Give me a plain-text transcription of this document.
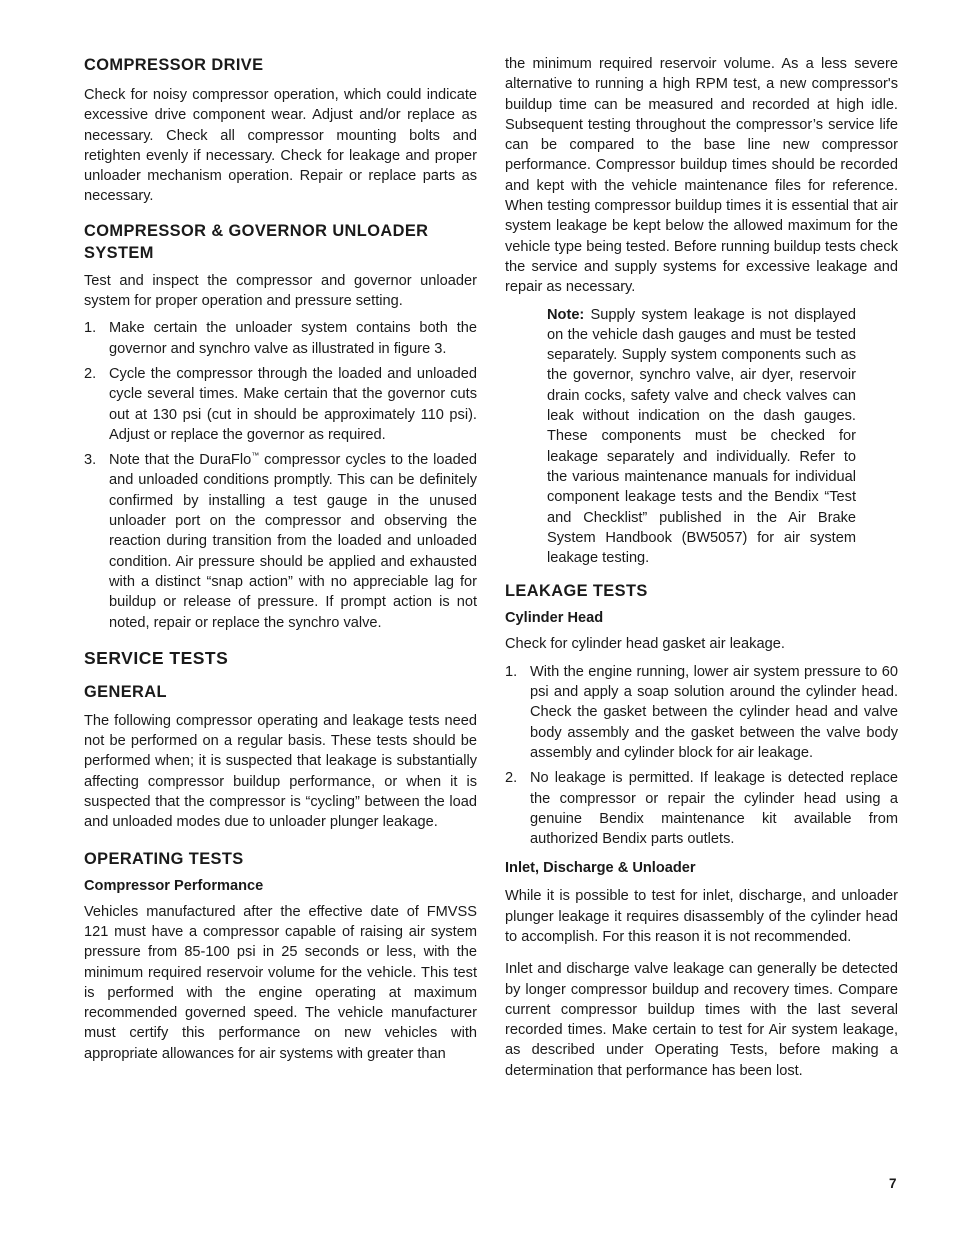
COMPRESSOR DRIVE

Check for noisy compressor operation, which could indicate excessive drive component wear. Adjust and/or replace as necessary. Check all compressor mounting bolts and retighten evenly if necessary. Check for leakage and proper unloader mechanism operation. Repair or replace parts as necessary.

COMPRESSOR & GOVERNOR UNLOADER SYSTEM

Test and inspect the compressor and governor unloader system for proper operation and pressure setting.

1. Make certain the unloader system contains both the governor and synchro valve as illustrated in figure 3.
2. Cycle the compressor through the loaded and unloaded cycle several times. Make certain that the governor cuts out at 130 psi (cut in should be approximately 110 psi). Adjust or replace the governor as required.
3. Note that the DuraFlo™ compressor cycles to the loaded and unloaded conditions promptly. This can be definitely confirmed by installing a test gauge in the unused unloader port on the compressor and observing the reaction during transition from the loaded and unloaded condition. Air pressure should be applied and exhausted with a distinct “snap action” with no appreciable lag for buildup or release of pressure. If prompt action is not noted, repair or replace the synchro valve.
SERVICE TESTS
GENERAL

The following compressor operating and leakage tests need not be performed on a regular basis. These tests should be performed when; it is suspected that leakage is substantially affecting compressor buildup performance, or when it is suspected that the compressor is “cycling” between the load and unloaded modes due to unloader plunger leakage.

OPERATING TESTS
Compressor Performance

Vehicles manufactured after the effective date of FMVSS 121 must have a compressor capable of raising air system pressure from 85-100 psi in 25 seconds or less, with the minimum required reservoir volume for the vehicle. This test is performed with the engine operating at maximum recommended governed speed. The vehicle manufacturer must certify this performance on new vehicles with appropriate allowances for air systems with greater than

the minimum required reservoir volume. As a less severe alternative to running a high RPM test, a new compressor's buildup time can be measured and recorded at high idle. Subsequent testing throughout the compressor’s service life can be compared to the base line new compressor performance. Compressor buildup times should be recorded and kept with the vehicle maintenance files for reference. When testing compressor buildup times it is essential that air system leakage be kept below the allowed maximum for the vehicle type being tested. Before running buildup tests check the service and supply systems for excessive leakage and repair as necessary.

Note: Supply system leakage is not displayed on the vehicle dash gauges and must be tested separately. Supply system components such as the governor, synchro valve, air dyer, reservoir drain cocks, safety valve and check valves can leak without indication on the dash gauges. These components must be checked for leakage separately and individually. Refer to the various maintenance manuals for individual component leakage tests and the Bendix “Test and Checklist” published in the Air Brake System Handbook (BW5057) for air system leakage testing.

LEAKAGE TESTS
Cylinder Head

Check for cylinder head gasket air leakage.

1. With the engine running, lower air system pressure to 60 psi and apply a soap solution around the cylinder head. Check the gasket between the cylinder head and valve body assembly and the gasket between the valve body assembly and cylinder block for air leakage.
2. No leakage is permitted. If leakage is detected replace the compressor or repair the cylinder head using a genuine Bendix maintenance kit available from authorized Bendix parts outlets.
Inlet, Discharge & Unloader

While it is possible to test for inlet, discharge, and unloader plunger leakage it requires disassembly of the cylinder head to accomplish. For this reason it is not recommended.

Inlet and discharge valve leakage can generally be detected by longer compressor buildup and recovery times. Compare current compressor buildup times with the last several recorded times. Make certain to test for Air system leakage, as described under Operating Tests, before making a determination that performance has been lost.

7
